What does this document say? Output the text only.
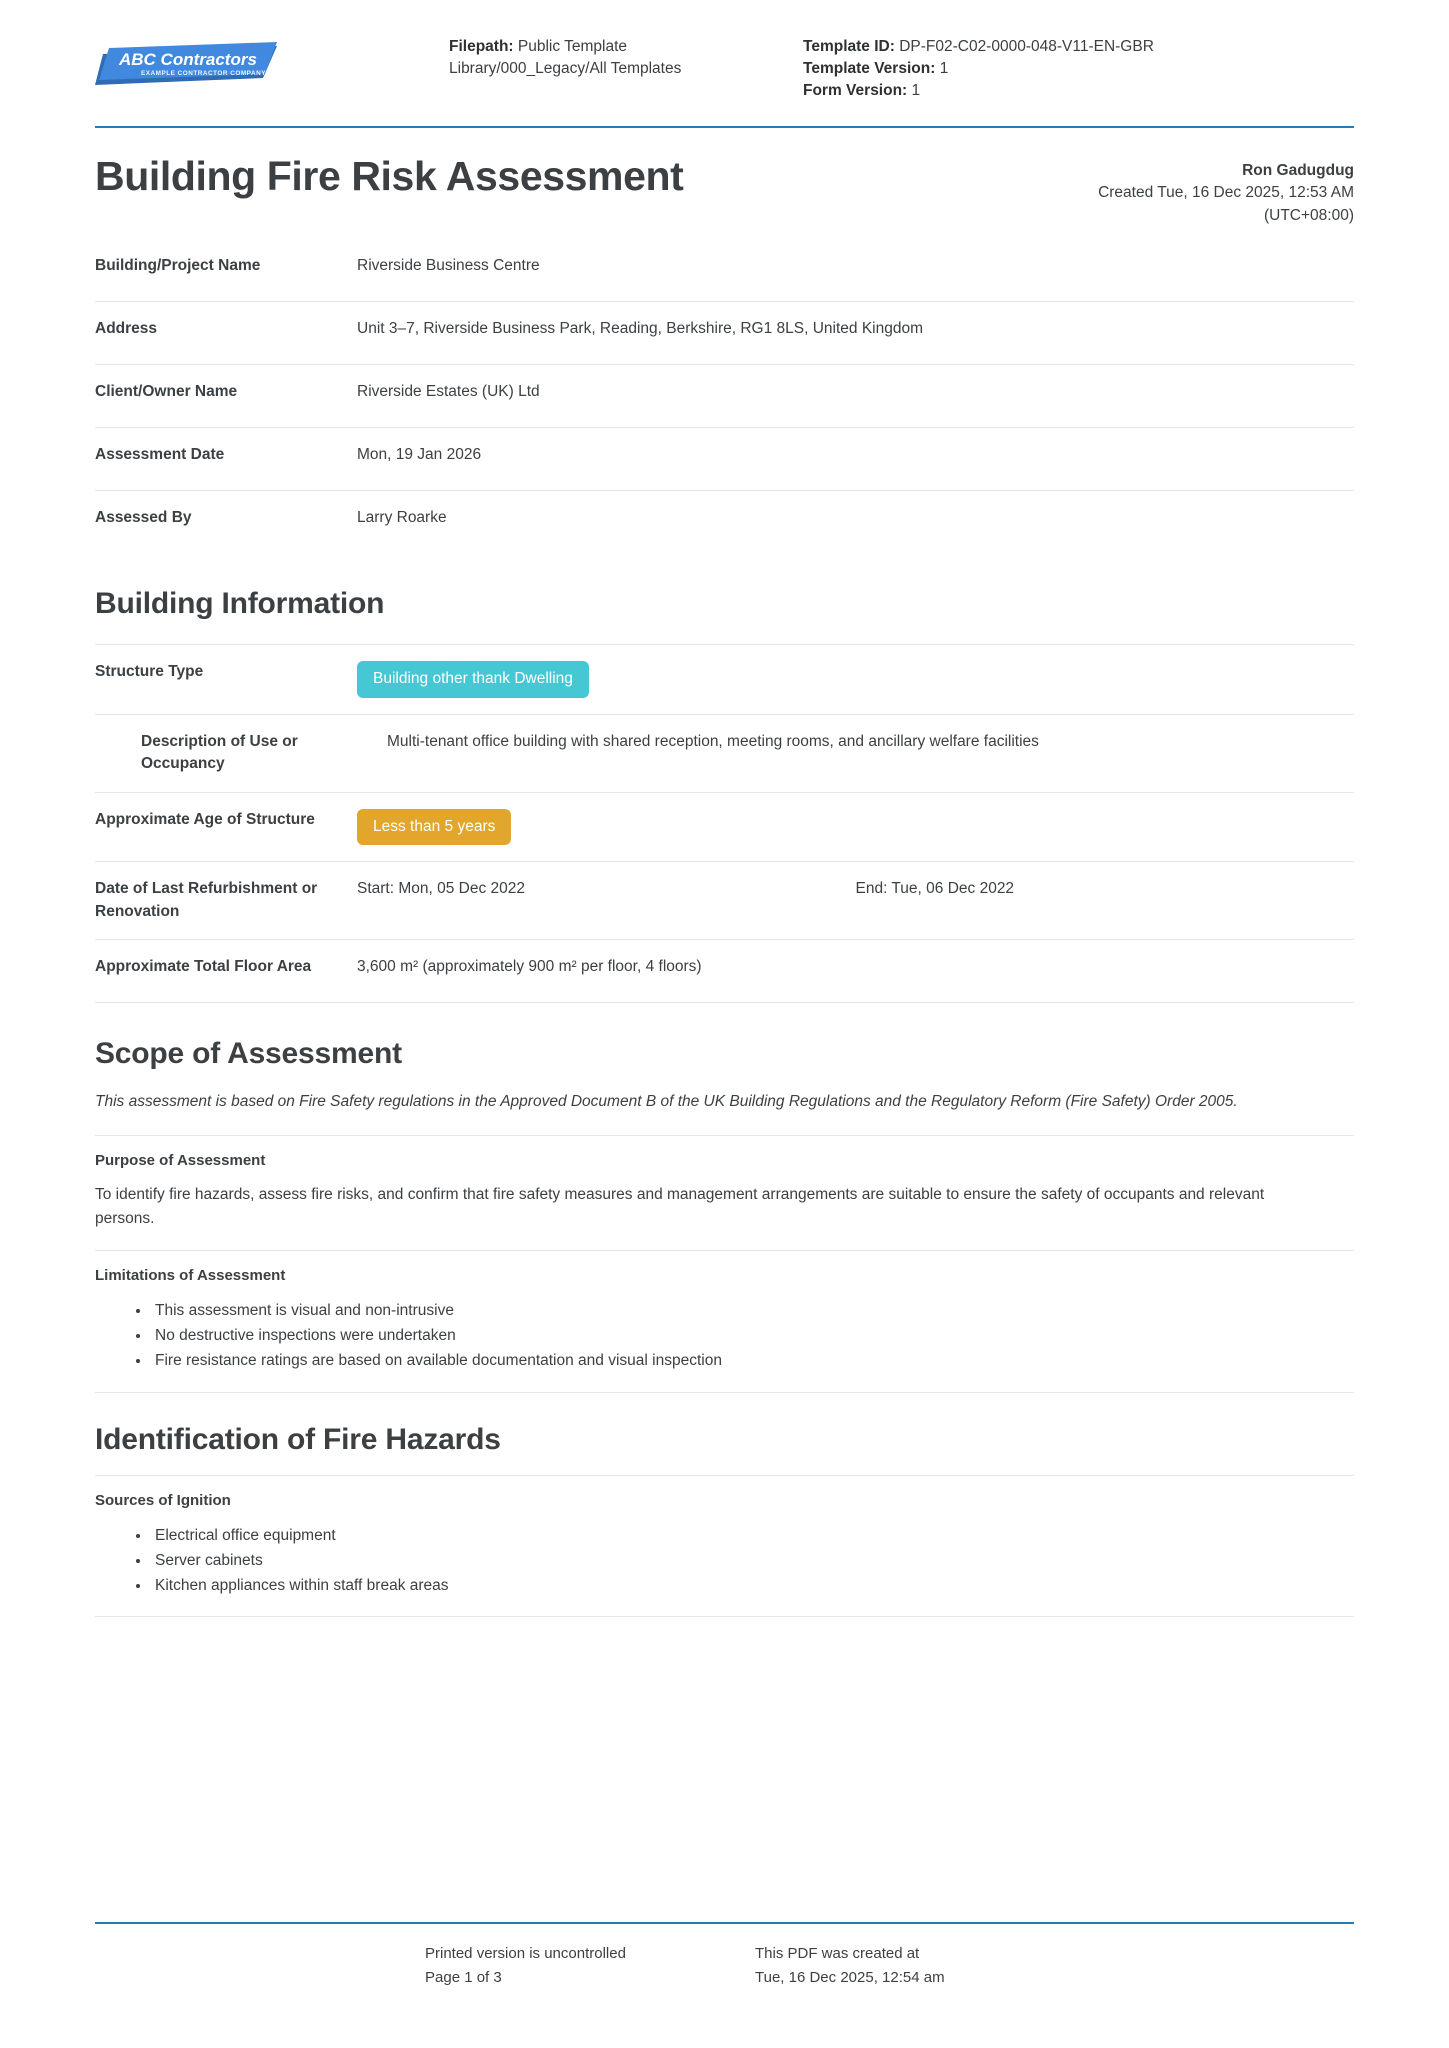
ABC Contractors
EXAMPLE CONTRACTOR COMPANY
Filepath: Public Template Library/000_Legacy/All Templates
Template ID: DP-F02-C02-0000-048-V11-EN-GBR
Template Version: 1
Form Version: 1
Building Fire Risk Assessment	Ron Gadugdug
Created Tue, 16 Dec 2025, 12:53 AM
(UTC+08:00)
Building/Project Name	Riverside Business Centre
Address	Unit 3–7, Riverside Business Park, Reading, Berkshire, RG1 8LS, United Kingdom
Client/Owner Name	Riverside Estates (UK) Ltd
Assessment Date	Mon, 19 Jan 2026
Assessed By	Larry Roarke
Building Information
Structure Type	Building other thank Dwelling
Description of Use or Occupancy
Multi-tenant office building with shared reception, meeting rooms, and ancillary welfare facilities
Approximate Age of Structure	Less than 5 years
Date of Last Refurbishment or Renovation
Start: Mon, 05 Dec 2022	End: Tue, 06 Dec 2022
Approximate Total Floor Area	3,600 m² (approximately 900 m² per floor, 4 floors)
Scope of Assessment

This assessment is based on Fire Safety regulations in the Approved Document B of the UK Building Regulations and the Regulatory Reform (Fire Safety) Order 2005.

Purpose of Assessment

To identify fire hazards, assess fire risks, and confirm that fire safety measures and management arrangements are suitable to ensure the safety of occupants and relevant persons.

Limitations of Assessment
• This assessment is visual and non-intrusive
• No destructive inspections were undertaken
• Fire resistance ratings are based on available documentation and visual inspection
Identification of Fire Hazards
Sources of Ignition
• Electrical office equipment
• Server cabinets
• Kitchen appliances within staff break areas
Printed version is uncontrolled
Page 1 of 3
This PDF was created at
Tue, 16 Dec 2025, 12:54 am
